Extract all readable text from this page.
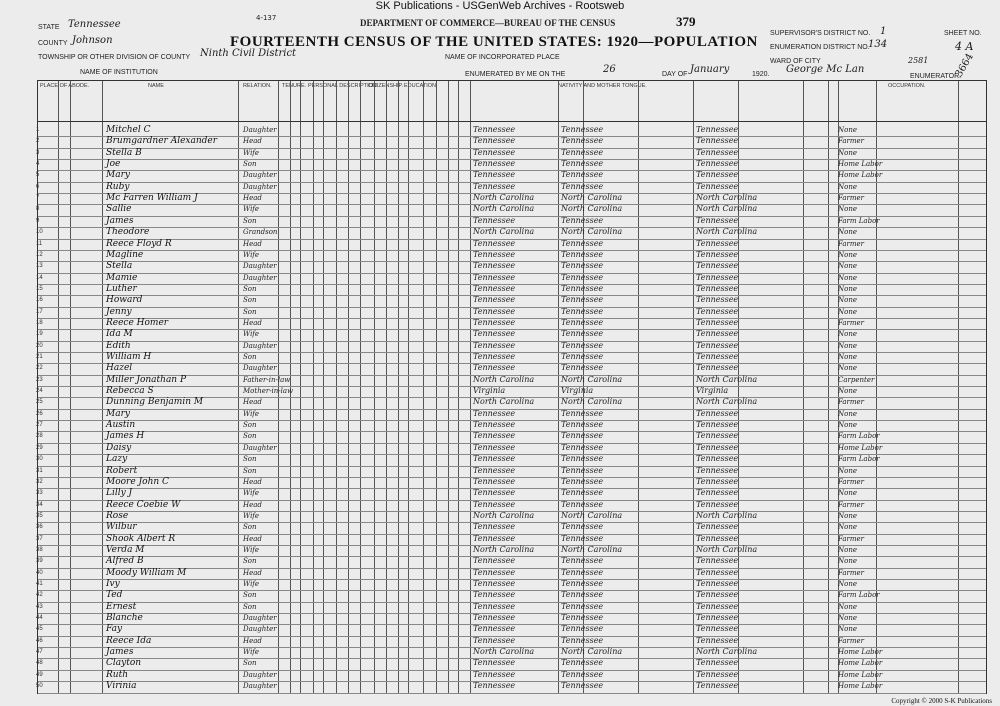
SK Publications - USGenWeb Archives - Rootsweb
4-137	DEPARTMENT OF COMMERCE—BUREAU OF THE CENSUS	379
FOURTEENTH CENSUS OF THE UNITED STATES: 1920—POPULATION
STATE Tennessee
COUNTY Johnson
TOWNSHIP OR OTHER DIVISION OF COUNTY Ninth Civil District	NAME OF INCORPORATED PLACE
NAME OF INSTITUTION	ENUMERATED BY ME ON THE	26	DAY OF January	1920. George Mc Lan
ENUMERATOR.
SUPERVISOR'S DISTRICT NO. 1
ENUMERATION DISTRICT NO.
134
WARD OF CITY
SHEET NO.
4 A
2581	3664
PLACE OF ABODE.	NAME	RELATION. TENURE. PERSONAL DESCRIPTION.
CITIZENSHIP. EDUCATION.	NATIVITY AND MOTHER TONGUE.	OCCUPATION.
1	Mitchel C	Daughter	Tennessee	Tennessee	Tennessee	None
2	Brumgardner Alexander	Head	Tennessee	Tennessee	Tennessee	Farmer
3	Stella B	Wife	Tennessee	Tennessee	Tennessee	None
4	Joe	Son	Tennessee	Tennessee	Tennessee	Home Labor
5	Mary	Daughter	Tennessee	Tennessee	Tennessee	Home Labor
6	Ruby	Daughter	Tennessee	Tennessee	Tennessee	None
7	Mc Farren William J	Head	North Carolina	North Carolina	North Carolina	Farmer
8	Sallie	Wife	North Carolina	North Carolina	North Carolina	None
9	James	Son	Tennessee	Tennessee	Tennessee	Farm Labor
10	Theodore	Grandson	North Carolina	North Carolina	North Carolina	None
11	Reece Floyd R	Head	Tennessee	Tennessee	Tennessee	Farmer
12	Magline	Wife	Tennessee	Tennessee	Tennessee	None
13	Stella	Daughter	Tennessee	Tennessee	Tennessee	None
14	Mamie	Daughter	Tennessee	Tennessee	Tennessee	None
15	Luther	Son	Tennessee	Tennessee	Tennessee	None
16	Howard	Son	Tennessee	Tennessee	Tennessee	None
17	Jenny	Son	Tennessee	Tennessee	Tennessee	None
18	Reece Homer	Head	Tennessee	Tennessee	Tennessee	Farmer
19	Ida M	Wife	Tennessee	Tennessee	Tennessee	None
20	Edith	Daughter	Tennessee	Tennessee	Tennessee	None
21	William H	Son	Tennessee	Tennessee	Tennessee	None
22	Hazel	Daughter	Tennessee	Tennessee	Tennessee	None
23	Miller Jonathan P	Father-in-law	North Carolina	North Carolina	North Carolina	Carpenter
24	Rebecca S	Mother-in-law	Virginia	Virginia	Virginia	None
25	Dunning Benjamin M	Head	North Carolina	North Carolina	North Carolina	Farmer
26	Mary	Wife	Tennessee	Tennessee	Tennessee	None
27	Austin	Son	Tennessee	Tennessee	Tennessee	None
28	James H	Son	Tennessee	Tennessee	Tennessee	Farm Labor
29	Daisy	Daughter	Tennessee	Tennessee	Tennessee	Home Labor
30	Lazy	Son	Tennessee	Tennessee	Tennessee	Farm Labor
31	Robert	Son	Tennessee	Tennessee	Tennessee	None
32	Moore John C	Head	Tennessee	Tennessee	Tennessee	Farmer
33	Lilly J	Wife	Tennessee	Tennessee	Tennessee	None
34	Reece Coebie W	Head	Tennessee	Tennessee	Tennessee	Farmer
35	Rose	Wife	North Carolina	North Carolina	North Carolina	None
36	Wilbur	Son	Tennessee	Tennessee	Tennessee	None
37	Shook Albert R	Head	Tennessee	Tennessee	Tennessee	Farmer
38	Verda M	Wife	North Carolina	North Carolina	North Carolina	None
39	Alfred B	Son	Tennessee	Tennessee	Tennessee	None
40	Moody William M	Head	Tennessee	Tennessee	Tennessee	Farmer
41	Ivy	Wife	Tennessee	Tennessee	Tennessee	None
42	Ted	Son	Tennessee	Tennessee	Tennessee	Farm Labor
43	Ernest	Son	Tennessee	Tennessee	Tennessee	None
44	Blanche	Daughter	Tennessee	Tennessee	Tennessee	None
45	Fay	Daughter	Tennessee	Tennessee	Tennessee	None
46	Reece Ida	Head	Tennessee	Tennessee	Tennessee	Farmer
47	James	Wife	North Carolina	North Carolina	North Carolina	Home Labor
48	Clayton	Son	Tennessee	Tennessee	Tennessee	Home Labor
49	Ruth	Daughter	Tennessee	Tennessee	Tennessee	Home Labor
50	Virinia	Daughter	Tennessee	Tennessee	Tennessee	Home Labor
Copyright © 2000 S-K Publications
